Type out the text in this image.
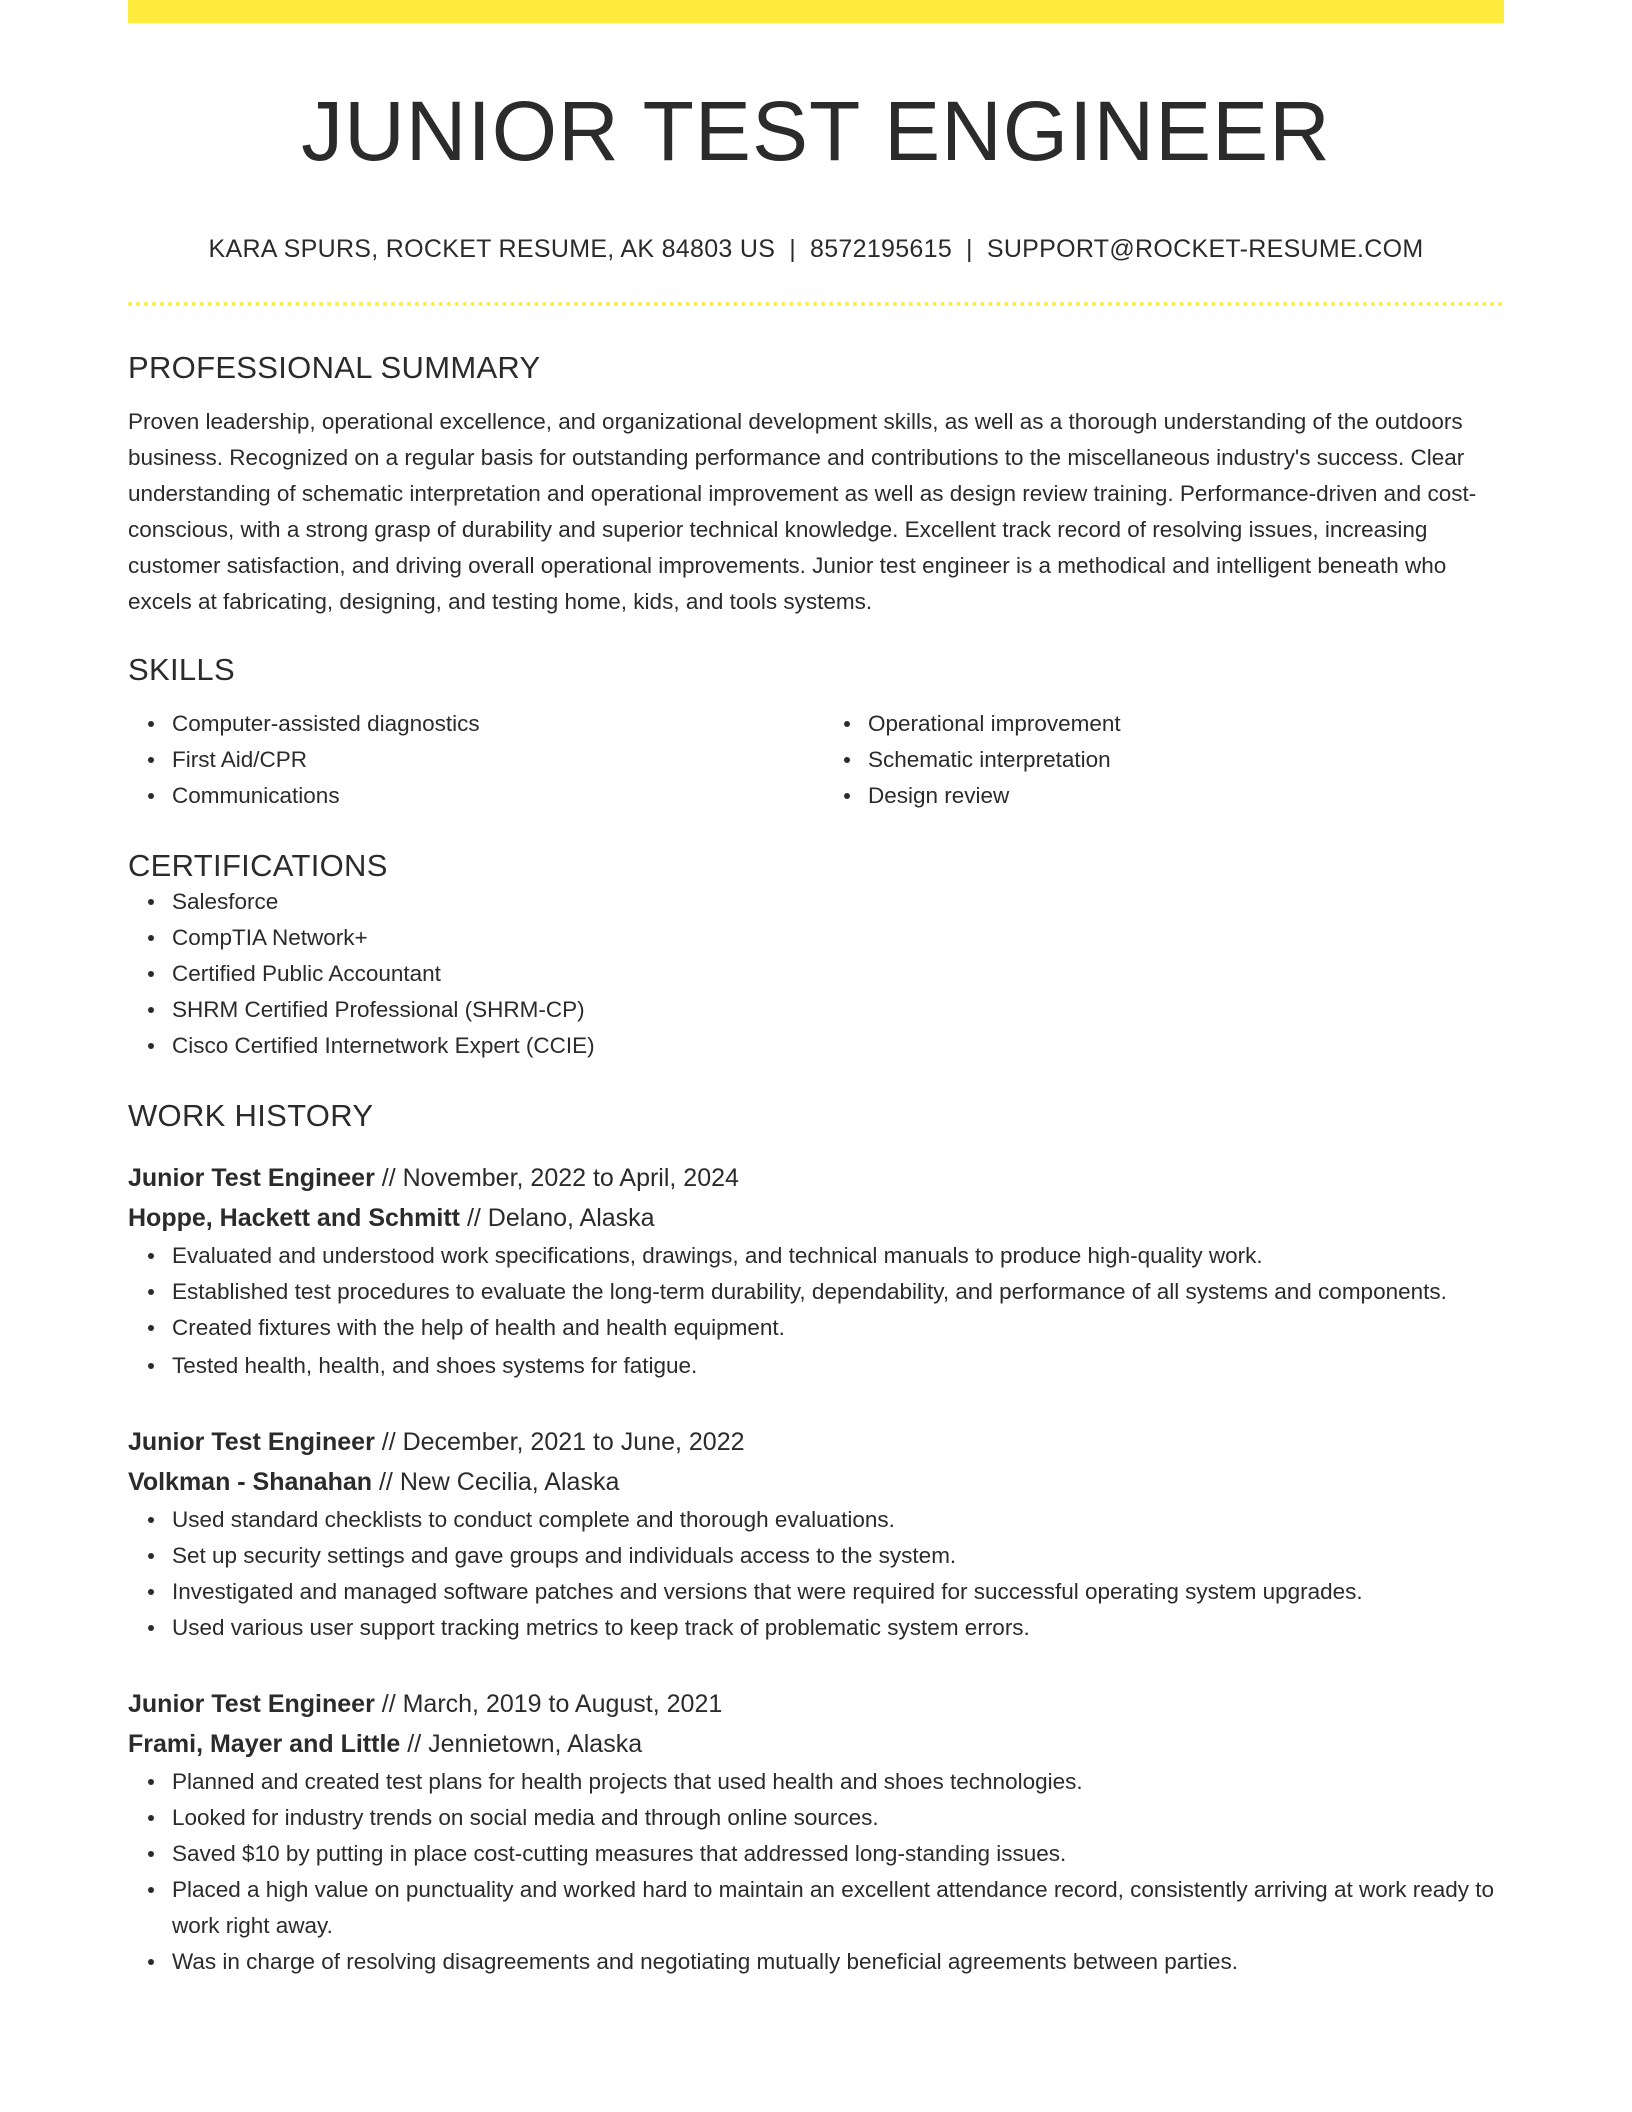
JUNIOR TEST ENGINEER
KARA SPURS, ROCKET RESUME, AK 84803 US | 8572195615 | SUPPORT@ROCKET-RESUME.COM
PROFESSIONAL SUMMARY
Proven leadership, operational excellence, and organizational development skills, as well as a thorough understanding of the outdoors business. Recognized on a regular basis for outstanding performance and contributions to the miscellaneous industry's success. Clear understanding of schematic interpretation and operational improvement as well as design review training. Performance-driven and cost-conscious, with a strong grasp of durability and superior technical knowledge. Excellent track record of resolving issues, increasing customer satisfaction, and driving overall operational improvements. Junior test engineer is a methodical and intelligent beneath who excels at fabricating, designing, and testing home, kids, and tools systems.
SKILLS
Computer-assisted diagnostics
First Aid/CPR
Communications
Operational improvement
Schematic interpretation
Design review
CERTIFICATIONS
Salesforce
CompTIA Network+
Certified Public Accountant
SHRM Certified Professional (SHRM-CP)
Cisco Certified Internetwork Expert (CCIE)
WORK HISTORY
Junior Test Engineer // November, 2022 to April, 2024
Hoppe, Hackett and Schmitt // Delano, Alaska
Evaluated and understood work specifications, drawings, and technical manuals to produce high-quality work.
Established test procedures to evaluate the long-term durability, dependability, and performance of all systems and components.
Created fixtures with the help of health and health equipment.
Tested health, health, and shoes systems for fatigue.
Junior Test Engineer // December, 2021 to June, 2022
Volkman - Shanahan // New Cecilia, Alaska
Used standard checklists to conduct complete and thorough evaluations.
Set up security settings and gave groups and individuals access to the system.
Investigated and managed software patches and versions that were required for successful operating system upgrades.
Used various user support tracking metrics to keep track of problematic system errors.
Junior Test Engineer // March, 2019 to August, 2021
Frami, Mayer and Little // Jennietown, Alaska
Planned and created test plans for health projects that used health and shoes technologies.
Looked for industry trends on social media and through online sources.
Saved $10 by putting in place cost-cutting measures that addressed long-standing issues.
Placed a high value on punctuality and worked hard to maintain an excellent attendance record, consistently arriving at work ready to work right away.
Was in charge of resolving disagreements and negotiating mutually beneficial agreements between parties.
